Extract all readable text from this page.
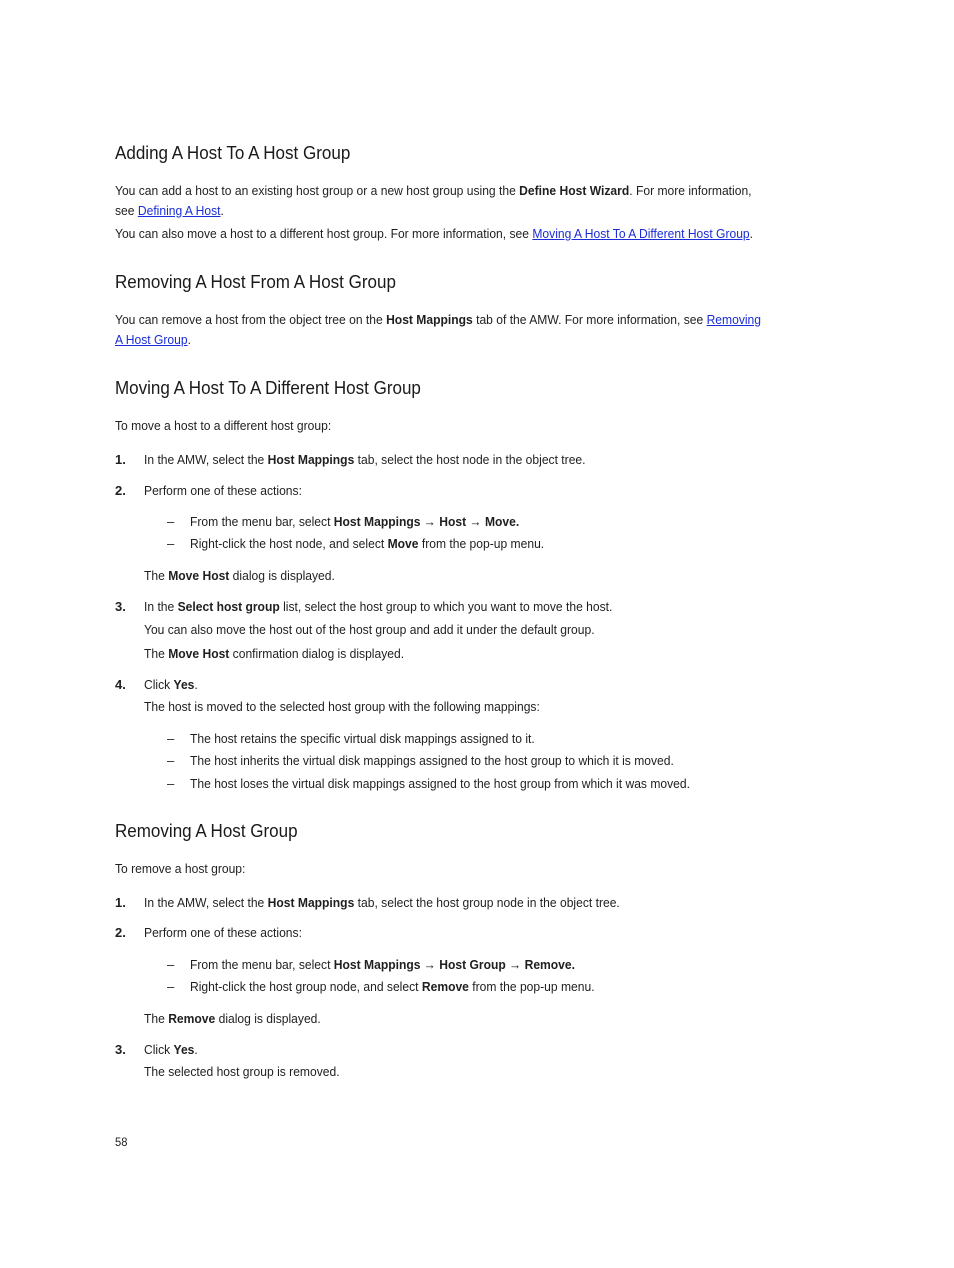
Adding A Host To A Host Group
You can add a host to an existing host group or a new host group using the Define Host Wizard. For more information,
see Defining A Host.
You can also move a host to a different host group. For more information, see Moving A Host To A Different Host Group.
Removing A Host From A Host Group
You can remove a host from the object tree on the Host Mappings tab of the AMW. For more information, see Removing
A Host Group.
Moving A Host To A Different Host Group
To move a host to a different host group:
1. In the AMW, select the Host Mappings tab, select the host node in the object tree.
2. Perform one of these actions:
– From the menu bar, select Host Mappings → Host → Move.
– Right-click the host node, and select Move from the pop-up menu.
The Move Host dialog is displayed.
3. In the Select host group list, select the host group to which you want to move the host.
You can also move the host out of the host group and add it under the default group.
The Move Host confirmation dialog is displayed.
4. Click Yes.
The host is moved to the selected host group with the following mappings:
– The host retains the specific virtual disk mappings assigned to it.
– The host inherits the virtual disk mappings assigned to the host group to which it is moved.
– The host loses the virtual disk mappings assigned to the host group from which it was moved.
Removing A Host Group
To remove a host group:
1. In the AMW, select the Host Mappings tab, select the host group node in the object tree.
2. Perform one of these actions:
– From the menu bar, select Host Mappings → Host Group → Remove.
– Right-click the host group node, and select Remove from the pop-up menu.
The Remove dialog is displayed.
3. Click Yes.
The selected host group is removed.
58
